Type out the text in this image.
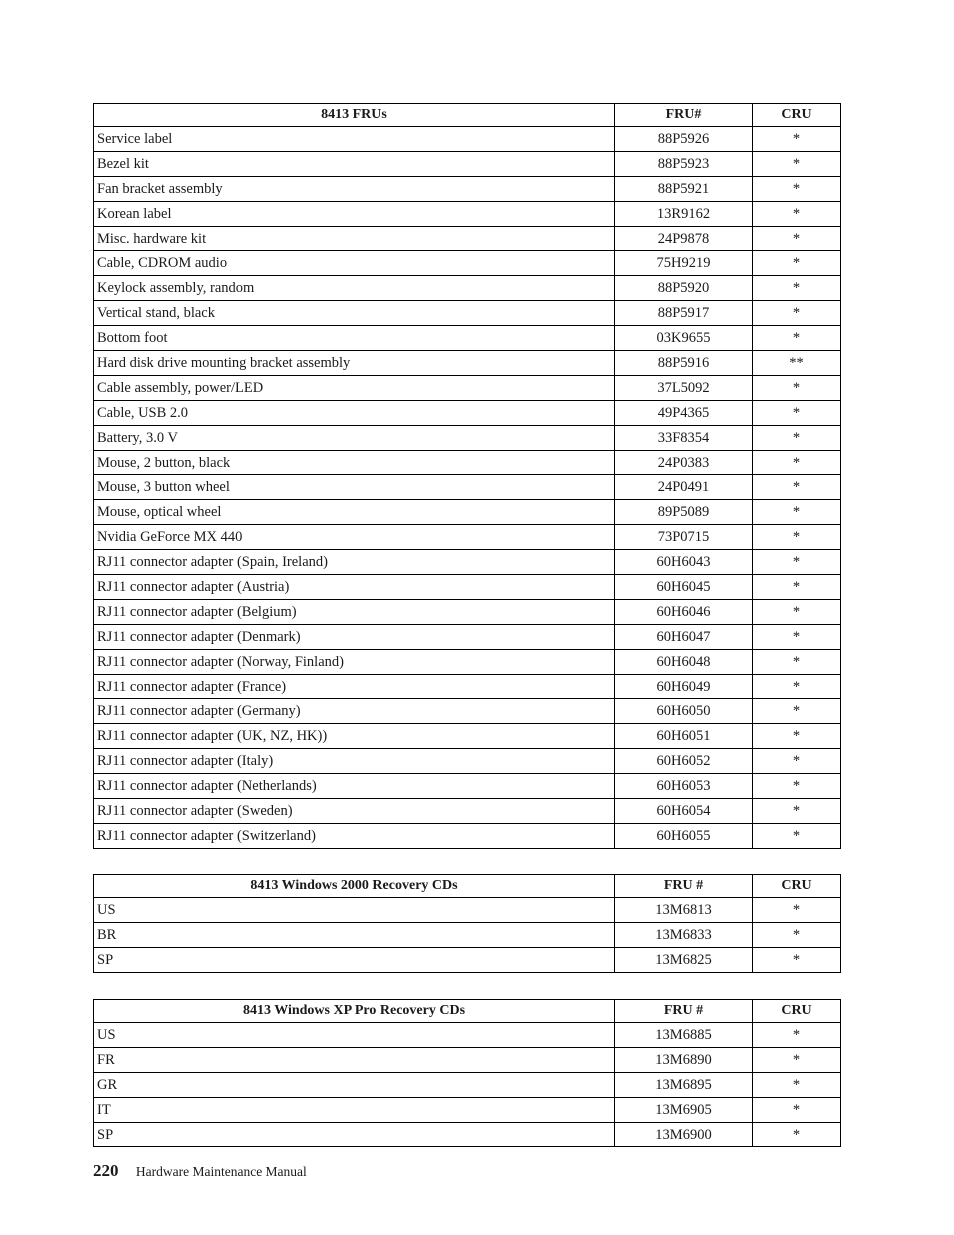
8413 FRUs	FRU#	CRU
Service label	88P5926	*
Bezel kit	88P5923	*
Fan bracket assembly	88P5921	*
Korean label	13R9162	*
Misc. hardware kit	24P9878	*
Cable, CDROM audio	75H9219	*
Keylock assembly, random	88P5920	*
Vertical stand, black	88P5917	*
Bottom foot	03K9655	*
Hard disk drive mounting bracket assembly	88P5916	**
Cable assembly, power/LED	37L5092	*
Cable, USB 2.0	49P4365	*
Battery, 3.0 V	33F8354	*
Mouse, 2 button, black	24P0383	*
Mouse, 3 button wheel	24P0491	*
Mouse, optical wheel	89P5089	*
Nvidia GeForce MX 440	73P0715	*
RJ11 connector adapter (Spain, Ireland)	60H6043	*
RJ11 connector adapter (Austria)	60H6045	*
RJ11 connector adapter (Belgium)	60H6046	*
RJ11 connector adapter (Denmark)	60H6047	*
RJ11 connector adapter (Norway, Finland)	60H6048	*
RJ11 connector adapter (France)	60H6049	*
RJ11 connector adapter (Germany)	60H6050	*
RJ11 connector adapter (UK, NZ, HK))	60H6051	*
RJ11 connector adapter (Italy)	60H6052	*
RJ11 connector adapter (Netherlands)	60H6053	*
RJ11 connector adapter (Sweden)	60H6054	*
RJ11 connector adapter (Switzerland)	60H6055	*
8413 Windows 2000 Recovery CDs	FRU #	CRU
US	13M6813	*
BR	13M6833	*
SP	13M6825	*
8413 Windows XP Pro Recovery CDs	FRU #	CRU
US	13M6885	*
FR	13M6890	*
GR	13M6895	*
IT	13M6905	*
SP	13M6900	*
220 Hardware Maintenance Manual
